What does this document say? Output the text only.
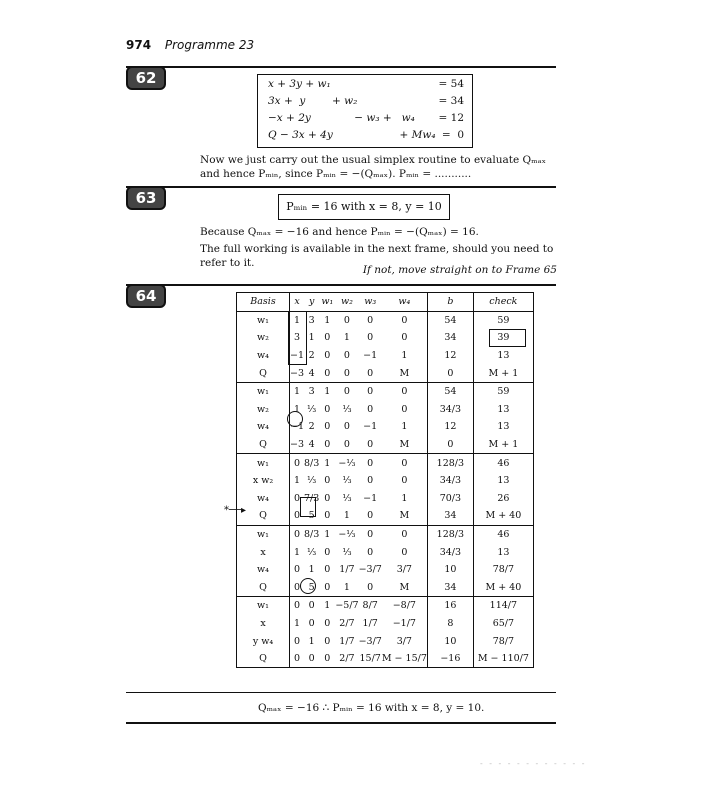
974 Programme 23
62	x + 3y + w₁	= 54
3x +  y        + w₂	= 34
−x + 2y             − w₃ +   w₄ = 12
Q − 3x + 4y                    + Mw₄ =  0
Now we just carry out the usual simplex routine to evaluate Qₘₐₓ and hence Pₘᵢₙ, since Pₘᵢₙ = −(Qₘₐₓ). Pₘᵢₙ = ...........
63	Pₘᵢₙ = 16 with x = 8, y = 10
Because Qₘₐₓ = −16 and hence Pₘᵢₙ = −(Qₘₐₓ) = 16.
The full working is available in the next frame, should you need to refer to it.
If not, move straight on to Frame 65
64	Basis	x	y	w₁	w₂	w₃	w₄	b	check
w₁	1	3	1	0	0	0	54	59
w₂	3	1	0	1	0	0	34	39
w₄	−1	2	0	0	−1	1	12	13
Q	−3	4	0	0	0	M	0	M + 1
w₁	1	3	1	0	0	0	54	59
w₂	1	⅓	0	⅓	0	0	34/3	13
w₄	−1	2	0	0	−1	1	12	13
Q	−3	4	0	0	0	M	0	M + 1
w₁	0	8/3	1	−⅓	0	0	128/3	46
x w₂	1	⅓	0	⅓	0	0	34/3	13
w₄	0	7/3	0	⅓	−1	1	70/3	26
Q	0	5	0	1	0	M	34	M + 40
w₁	0	8/3	1	−⅓	0	0	128/3	46
x	1	⅓	0	⅓	0	0	34/3	13
w₄	0	1	0	1/7	−3/7	3/7	10	78/7
Q	0	5	0	1	0	M	34	M + 40
w₁	0	0	1	−5/7	8/7	−8/7	16	114/7
x	1	0	0	2/7	1/7	−1/7	8	65/7
y w₄	0	1	0	1/7	−3/7	3/7	10	78/7
Q	0	0	0	2/7	15/7	M − 15/7	−16	M − 110/7
*──▸
Qₘₐₓ = −16 ∴ Pₘᵢₙ = 16 with x = 8, y = 10.
- - - - - - - - - - - -
